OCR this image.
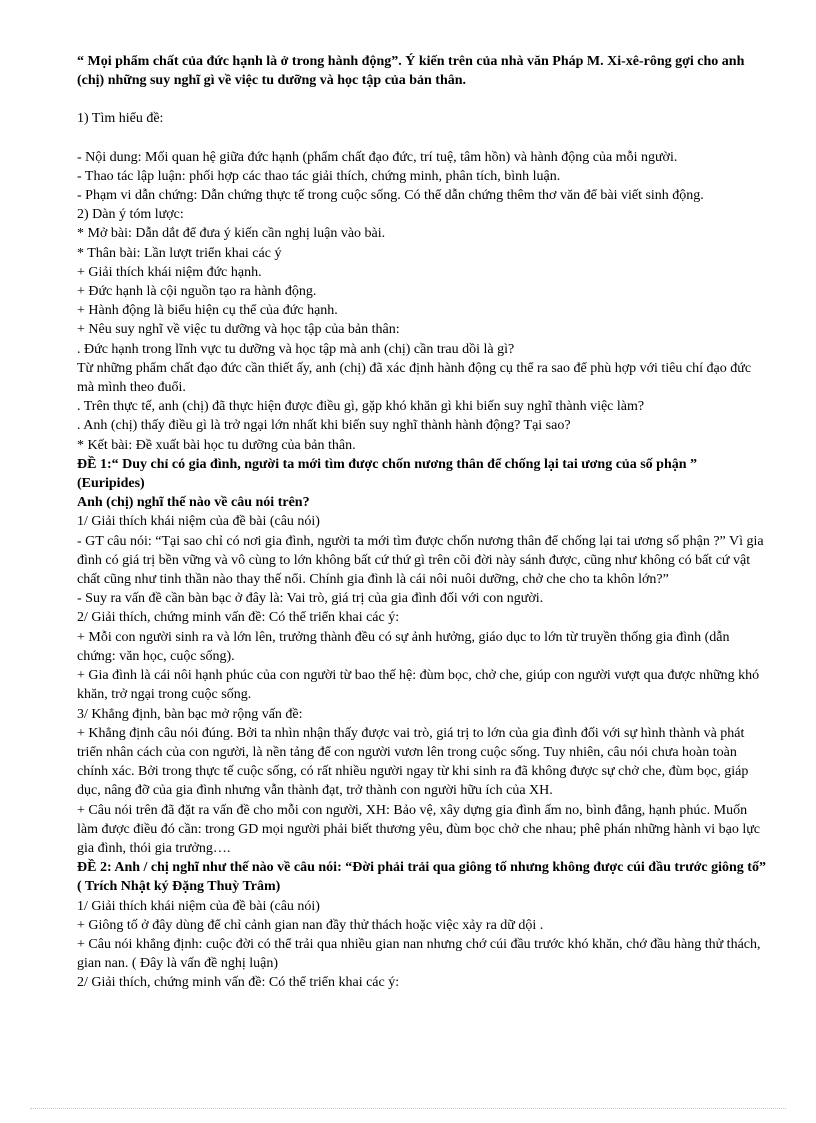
“ Mọi phẩm chất của đức hạnh là ở trong hành động”. Ý kiến trên của nhà văn Pháp M. Xi-xê-rông gợi cho anh (chị) những suy nghĩ gì về việc tu dưỡng và học tập của bản thân.

1) Tìm hiểu đề:

- Nội dung: Mối quan hệ giữa đức hạnh (phẩm chất đạo đức, trí tuệ, tâm hồn) và hành động của mỗi người.

- Thao tác lập luận: phối hợp các thao tác giải thích, chứng minh, phân tích, bình luận.

- Phạm vi dẫn chứng: Dẫn chứng thực tế trong cuộc sống. Có thể dẫn chứng thêm thơ văn để bài viết sinh động.

2) Dàn ý tóm lược:

* Mở bài: Dẫn dắt để đưa ý kiến cần nghị luận vào bài.

* Thân bài: Lần lượt triển khai các ý

+ Giải thích khái niệm đức hạnh.

+ Đức hạnh là cội nguồn tạo ra hành động.

+ Hành động là biểu hiện cụ thể của đức hạnh.

+ Nêu suy nghĩ về việc tu dưỡng và học tập của bản thân:

. Đức hạnh trong lĩnh vực tu dưỡng và học tập mà anh (chị) cần trau dồi là gì?

Từ những phẩm chất đạo đức cần thiết ấy, anh (chị) đã xác định hành động cụ thể ra sao để phù hợp với tiêu chí đạo đức mà mình theo đuổi.

. Trên thực tế, anh (chị) đã thực hiện được điều gì, gặp khó khăn gì khi biến suy nghĩ thành việc làm?

. Anh (chị) thấy điều gì là trở ngại lớn nhất khi biến suy nghĩ thành hành động? Tại sao?

* Kết bài: Đề xuất bài học tu dưỡng của bản thân.

ĐỀ 1:“ Duy chỉ có gia đình, người ta mới tìm được chốn nương thân để chống lại tai ương của số phận ” (Euripides)

Anh (chị) nghĩ thế nào về câu nói trên?

1/ Giải thích khái niệm của đề bài (câu nói)

- GT câu nói: “Tại sao chỉ có nơi gia đình, người ta mới tìm được chốn nương thân để chống lại tai ương số phận ?” Vì gia đình có giá trị bền vững và vô cùng to lớn không bất cứ thứ gì trên cõi đời này sánh được, cũng như không có bất cứ vật chất cũng như tinh thần nào thay thế nổi. Chính gia đình là cái nôi nuôi dưỡng, chở che cho ta khôn lớn?”

- Suy ra vấn đề cần bàn bạc ở đây là: Vai trò, giá trị của gia đình đối với con người.

2/ Giải thích, chứng minh vấn đề: Có thể triển khai các ý:

+ Mỗi con người sinh ra và lớn lên, trưởng thành đều có sự ảnh hưởng, giáo dục to lớn từ truyền thống gia đình (dẫn chứng: văn học, cuộc sống).

+ Gia đình là cái nôi hạnh phúc của con người từ bao thế hệ: đùm bọc, chở che, giúp con người vượt qua được những khó khăn, trở ngại trong cuộc sống.

3/ Khẳng định, bàn bạc mở rộng vấn đề:

+ Khẳng định câu nói đúng. Bởi ta nhìn nhận thấy được vai trò, giá trị to lớn của gia đình đối với sự hình thành và phát triển nhân cách của con người, là nền tảng để con người vươn lên trong cuộc sống. Tuy nhiên, câu nói chưa hoàn toàn chính xác. Bởi trong thực tế cuộc sống, có rất nhiều người ngay từ khi sinh ra đã không được sự chở che, đùm bọc, giáp dục, nâng đỡ của gia đình nhưng vẫn thành đạt, trở thành con người hữu ích của XH.

+ Câu nói trên đã đặt ra vấn đề cho mỗi con người, XH: Bảo vệ, xây dựng gia đình ấm no, bình đẳng, hạnh phúc. Muốn làm được điều đó cần: trong GD mọi người phải biết thương yêu, đùm bọc chở che nhau; phê phán những hành vi bạo lực gia đình, thói gia trưởng….

ĐỀ 2: Anh / chị nghĩ như thế nào về câu nói: “Đời phải trải qua giông tố nhưng không được cúi đầu trước giông tố” ( Trích Nhật ký Đặng Thuỳ Trâm)

1/ Giải thích khái niệm của đề bài (câu nói)

+ Giông tố ở đây dùng để chỉ cảnh gian nan đầy thử thách hoặc việc xảy ra dữ dội .

+ Câu nói khẳng định: cuộc đời có thể trải qua nhiều gian nan nhưng chớ cúi đầu trước khó khăn, chớ đầu hàng thử thách, gian nan. ( Đây là vấn đề nghị luận)

2/ Giải thích, chứng minh vấn đề: Có thể triển khai các ý:
